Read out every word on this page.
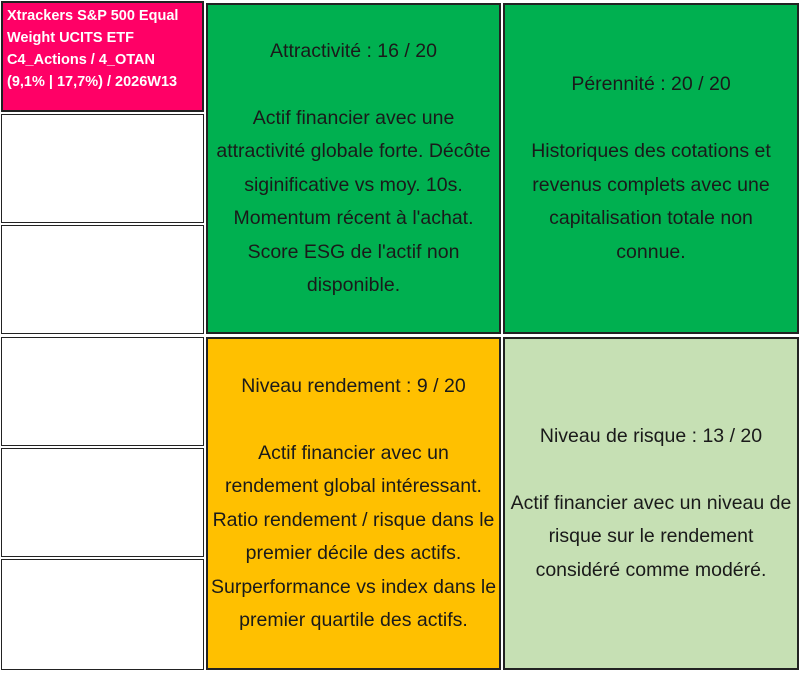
Xtrackers S&P 500 Equal
Weight UCITS ETF
C4_Actions / 4_OTAN
(9,1% | 17,7%) / 2026W13
Attractivité : 16 / 20
Actif financier avec une
attractivité globale forte. Décôte
siginificative vs moy. 10s.
Momentum récent à l'achat.
Score ESG de l'actif non
disponible.
Pérennité : 20 / 20
Historiques des cotations et
revenus complets avec une
capitalisation totale non
connue.
Niveau rendement : 9 / 20
Actif financier avec un
rendement global intéressant.
Ratio rendement / risque dans le
premier décile des actifs.
Surperformance vs index dans le
premier quartile des actifs.
Niveau de risque : 13 / 20
Actif financier avec un niveau de
risque sur le rendement
considéré comme modéré.
